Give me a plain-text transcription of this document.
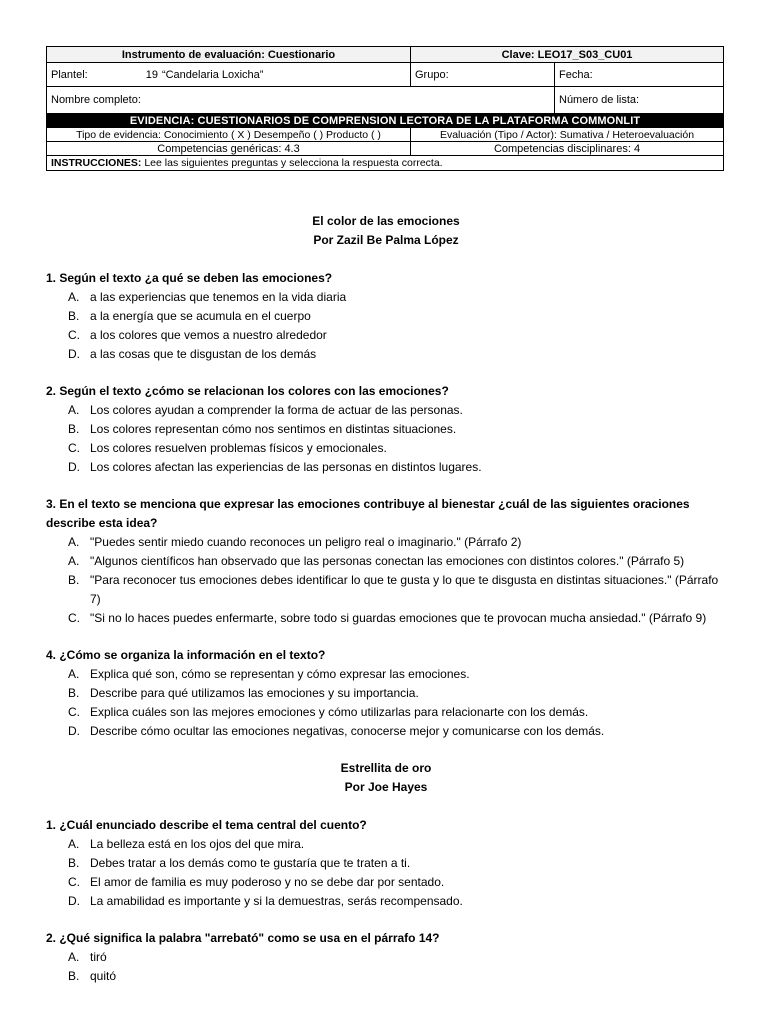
Instrumento de evaluación: Cuestionario	Clave: LEO17_S03_CU01	
Plantel: 19 “Candelaria Loxicha”	Grupo:	Fecha:
Nombre completo:		Número de lista:
EVIDENCIA: CUESTIONARIOS DE COMPRENSION LECTORA DE LA PLATAFORMA COMMONLIT		
Tipo de evidencia: Conocimiento ( X ) Desempeño ( ) Producto ( )	Evaluación (Tipo / Actor): Sumativa / Heteroevaluación	
Competencias genéricas: 4.3	Competencias disciplinares: 4	
INSTRUCCIONES: Lee las siguientes preguntas y selecciona la respuesta correcta.		
El color de las emociones
Por Zazil Be Palma López

1. Según el texto ¿a qué se deben las emociones?

A. a las experiencias que tenemos en la vida diaria
B. a la energía que se acumula en el cuerpo
C. a los colores que vemos a nuestro alrededor
D. a las cosas que te disgustan de los demás

2. Según el texto ¿cómo se relacionan los colores con las emociones?

A. Los colores ayudan a comprender la forma de actuar de las personas.
B. Los colores representan cómo nos sentimos en distintas situaciones.
C. Los colores resuelven problemas físicos y emocionales.
D. Los colores afectan las experiencias de las personas en distintos lugares.

3. En el texto se menciona que expresar las emociones contribuye al bienestar ¿cuál de las siguientes oraciones describe esta idea?

A. "Puedes sentir miedo cuando reconoces un peligro real o imaginario." (Párrafo 2)
A. "Algunos científicos han observado que las personas conectan las emociones con distintos colores." (Párrafo 5)
B. "Para reconocer tus emociones debes identificar lo que te gusta y lo que te disgusta en distintas situaciones." (Párrafo 7)
C. "Si no lo haces puedes enfermarte, sobre todo si guardas emociones que te provocan mucha ansiedad." (Párrafo 9)

4. ¿Cómo se organiza la información en el texto?

A. Explica qué son, cómo se representan y cómo expresar las emociones.
B. Describe para qué utilizamos las emociones y su importancia.
C. Explica cuáles son las mejores emociones y cómo utilizarlas para relacionarte con los demás.
D. Describe cómo ocultar las emociones negativas, conocerse mejor y comunicarse con los demás.
Estrellita de oro
Por Joe Hayes

1. ¿Cuál enunciado describe el tema central del cuento?

A. La belleza está en los ojos del que mira.
B. Debes tratar a los demás como te gustaría que te traten a ti.
C. El amor de familia es muy poderoso y no se debe dar por sentado.
D. La amabilidad es importante y si la demuestras, serás recompensado.

2. ¿Qué significa la palabra "arrebató" como se usa en el párrafo 14?

A. tiró
B. quitó
